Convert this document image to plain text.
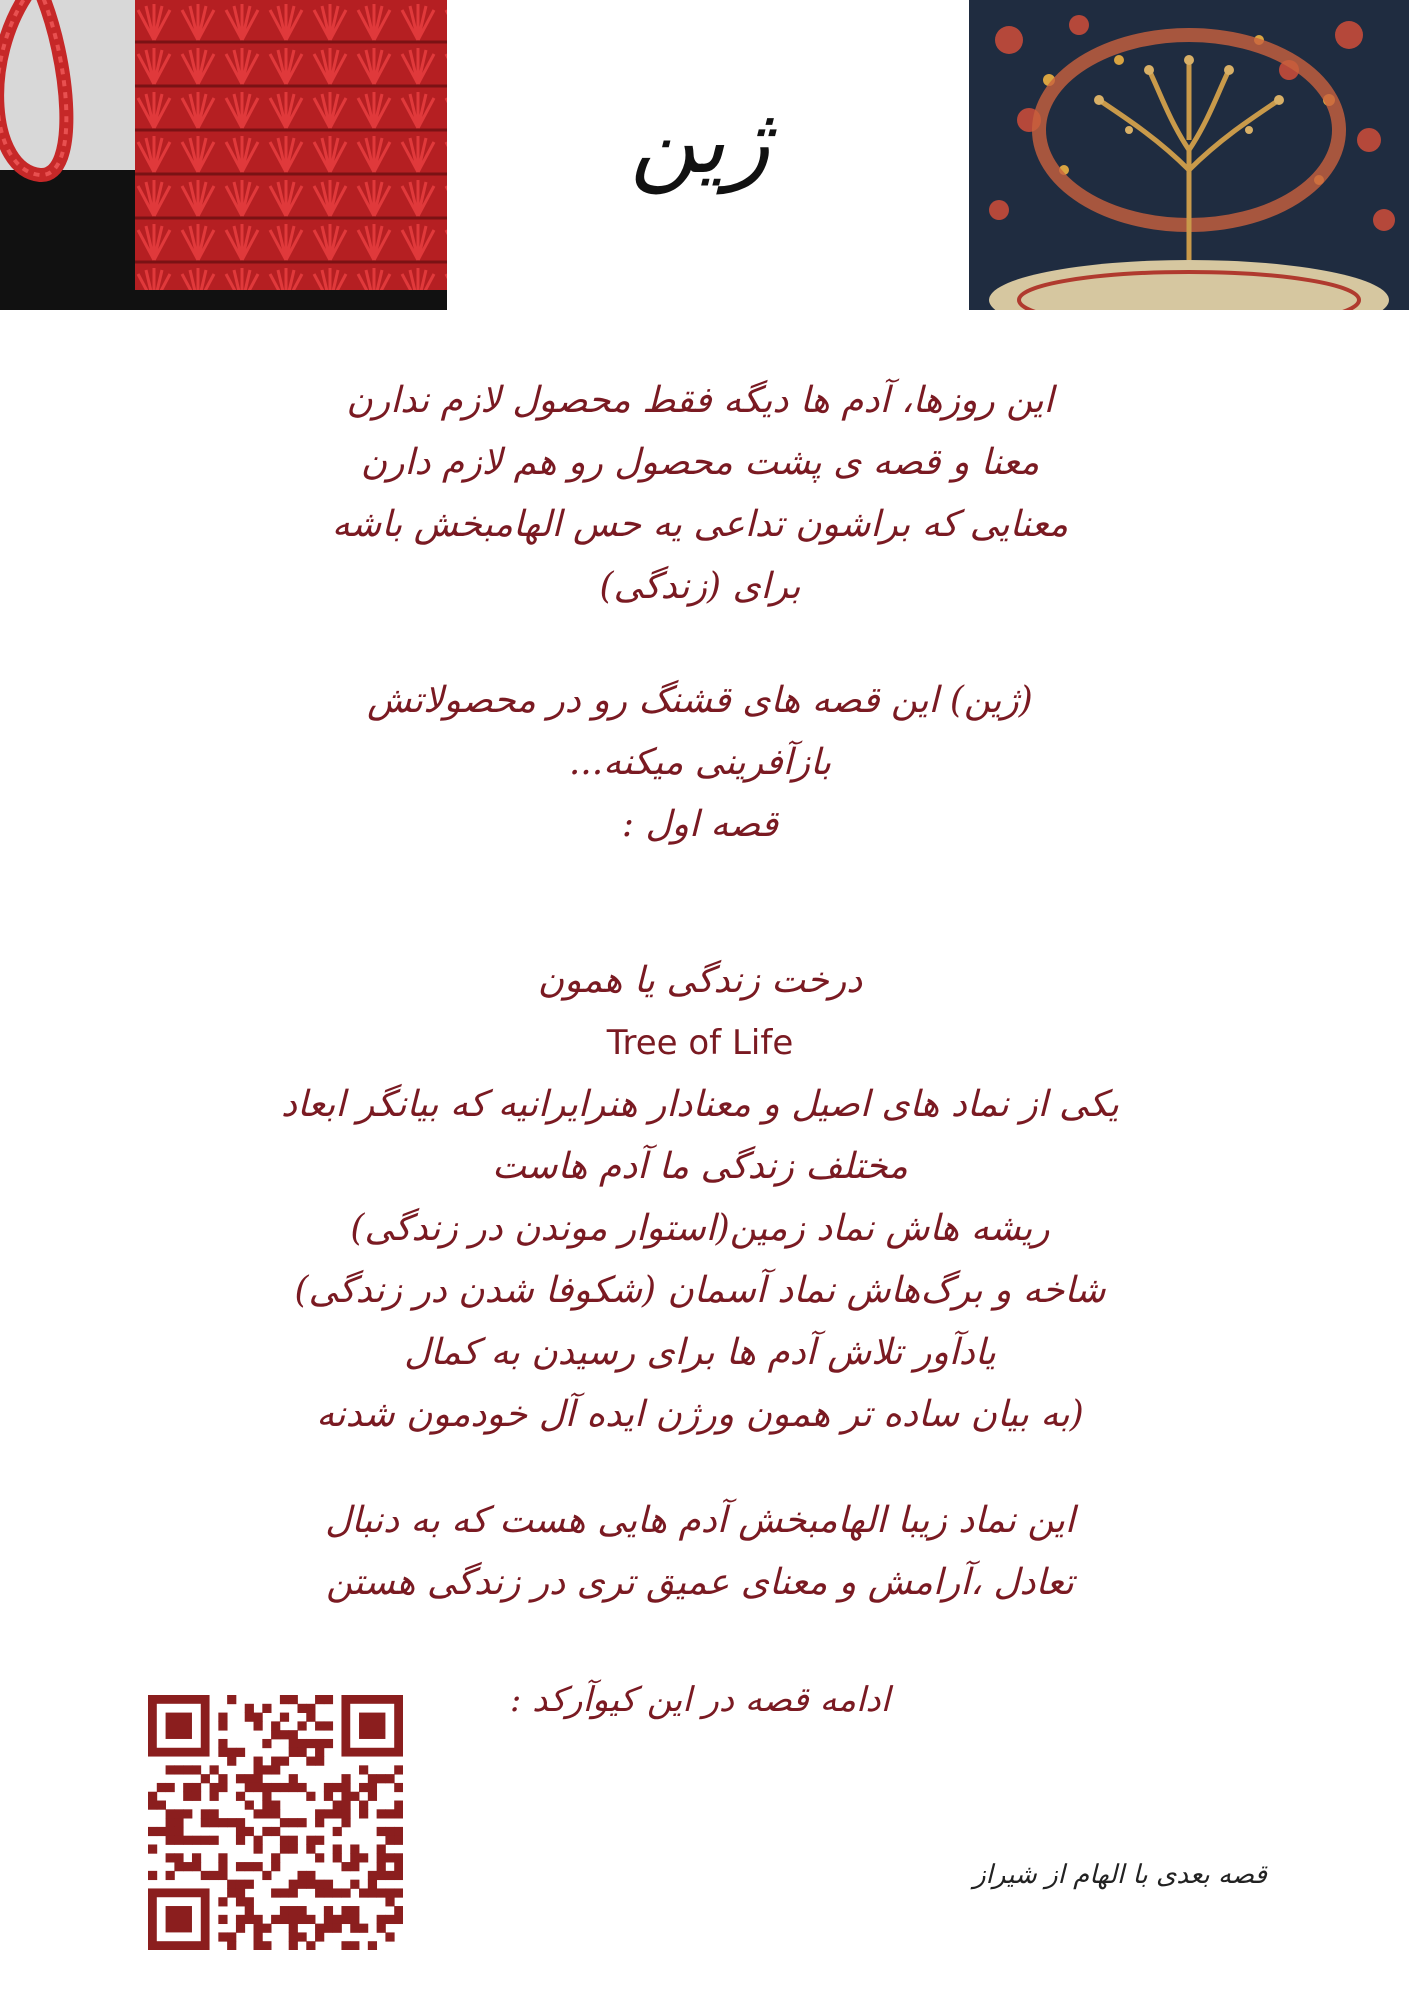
ژین
این روزها، آدم ها دیگه فقط محصول لازم ندارن
معنا و قصه ی پشت محصول رو هم لازم دارن
معنایی که براشون تداعی یه حس الهامبخش باشه
برای (زندگی)
(ژین) این قصه های قشنگ رو در محصولاتش
بازآفرینی میکنه...
قصه اول :
درخت زندگی یا همون
Tree of Life
یکی از نماد های اصیل و معنادار هنرایرانیه که بیانگر ابعاد
مختلف زندگی ما آدم هاست
ریشه هاش نماد زمین(استوار موندن در زندگی)
شاخه و برگ‌هاش نماد آسمان (شکوفا شدن در زندگی)
یادآور تلاش آدم ها برای رسیدن به کمال
(به بیان ساده تر همون ورژن ایده آل خودمون شدنه
این نماد زیبا الهامبخش آدم هایی هست که به دنبال
تعادل ،آرامش و معنای عمیق تری در زندگی هستن
ادامه قصه در این کیوآرکد :
قصه بعدی با الهام از شیراز
